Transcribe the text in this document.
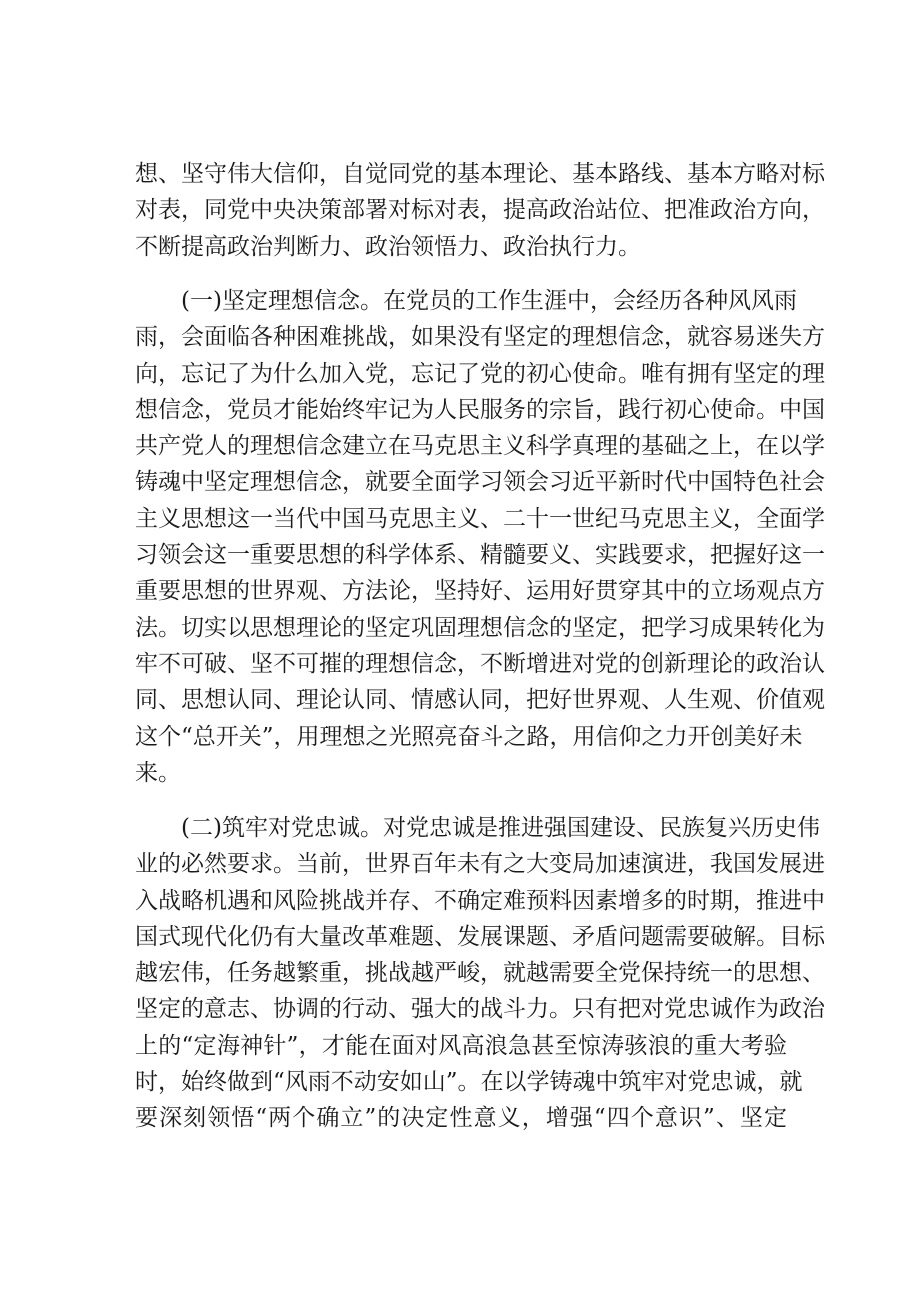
想、坚守伟大信仰，自觉同党的基本理论、基本路线、基本方略对标
对表，同党中央决策部署对标对表，提高政治站位、把准政治方向，
不断提高政治判断力、政治领悟力、政治执行力。
(一)坚定理想信念。在党员的工作生涯中，会经历各种风风雨
雨，会面临各种困难挑战，如果没有坚定的理想信念，就容易迷失方
向，忘记了为什么加入党，忘记了党的初心使命。唯有拥有坚定的理
想信念，党员才能始终牢记为人民服务的宗旨，践行初心使命。中国
共产党人的理想信念建立在马克思主义科学真理的基础之上，在以学
铸魂中坚定理想信念，就要全面学习领会习近平新时代中国特色社会
主义思想这一当代中国马克思主义、二十一世纪马克思主义，全面学
习领会这一重要思想的科学体系、精髓要义、实践要求，把握好这一
重要思想的世界观、方法论，坚持好、运用好贯穿其中的立场观点方
法。切实以思想理论的坚定巩固理想信念的坚定，把学习成果转化为
牢不可破、坚不可摧的理想信念，不断增进对党的创新理论的政治认
同、思想认同、理论认同、情感认同，把好世界观、人生观、价值观
这个“总开关”，用理想之光照亮奋斗之路，用信仰之力开创美好未
来。
(二)筑牢对党忠诚。对党忠诚是推进强国建设、民族复兴历史伟
业的必然要求。当前，世界百年未有之大变局加速演进，我国发展进
入战略机遇和风险挑战并存、不确定难预料因素增多的时期，推进中
国式现代化仍有大量改革难题、发展课题、矛盾问题需要破解。目标
越宏伟，任务越繁重，挑战越严峻，就越需要全党保持统一的思想、
坚定的意志、协调的行动、强大的战斗力。只有把对党忠诚作为政治
上的“定海神针”，才能在面对风高浪急甚至惊涛骇浪的重大考验
时，始终做到“风雨不动安如山”。在以学铸魂中筑牢对党忠诚，就
要深刻领悟“两个确立”的决定性意义，增强“四个意识”、坚定
